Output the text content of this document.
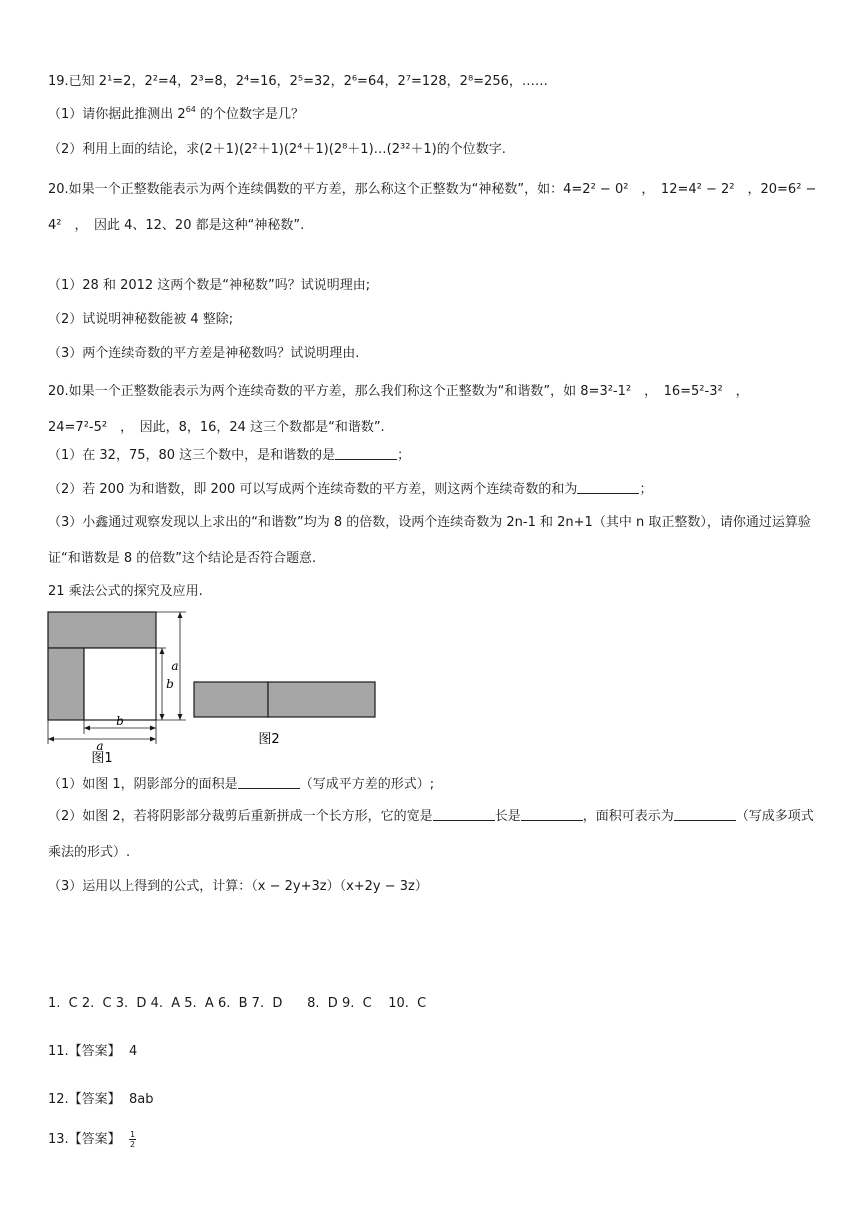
19.已知 2¹=2，2²=4，2³=8，2⁴=16，2⁵=32，2⁶=64，2⁷=128，2⁸=256，……
（1）请你据此推测出 $2^{64}$ 的个位数字是几？
（2）利用上面的结论，求(2＋1)(2²＋1)(2⁴＋1)(2⁸＋1)…(2³²＋1)的个位数字.
20.如果一个正整数能表示为两个连续偶数的平方差，那么称这个正整数为“神秘数”，如：4=2² − 0²　，　12=4² − 2²　，20=6² − 4²　，　因此 4、12、20 都是这种“神秘数”.
（1）28 和 2012 这两个数是“神秘数”吗？试说明理由;
（2）试说明神秘数能被 4 整除;
（3）两个连续奇数的平方差是神秘数吗？试说明理由.
20.如果一个正整数能表示为两个连续奇数的平方差，那么我们称这个正整数为“和谐数”，如 8=3²-1²　，　16=5²-3²　，24=7²-5²　，　因此，8，16，24 这三个数都是“和谐数”.
（1）在 32，75，80 这三个数中，是和谐数的是	；
（2）若 200 为和谐数，即 200 可以写成两个连续奇数的平方差，则这两个连续奇数的和为	；
（3）小鑫通过观察发现以上求出的“和谐数”均为 8 的倍数，设两个连续奇数为 2n-1 和 2n+1（其中 n 取正整数），请你通过运算验证“和谐数是 8 的倍数”这个结论是否符合题意.
21 乘法公式的探究及应用.
b
a
b
a
图1
图2
（1）如图 1，阴影部分的面积是	（写成平方差的形式）;
（2）如图 2，若将阴影部分裁剪后重新拼成一个长方形，它的宽是	长是	，面积可表示为	（写成多项式乘法的形式）.
（3）运用以上得到的公式，计算：（x − 2y+3z）（x+2y − 3z）
1.  C 2.  C 3.  D 4.  A 5.  A 6.  B 7.  D      8.  D 9.  C    10.  C
11.【答案】 4
12.【答案】 8ab
13.【答案】 $\frac{1}{2}$
